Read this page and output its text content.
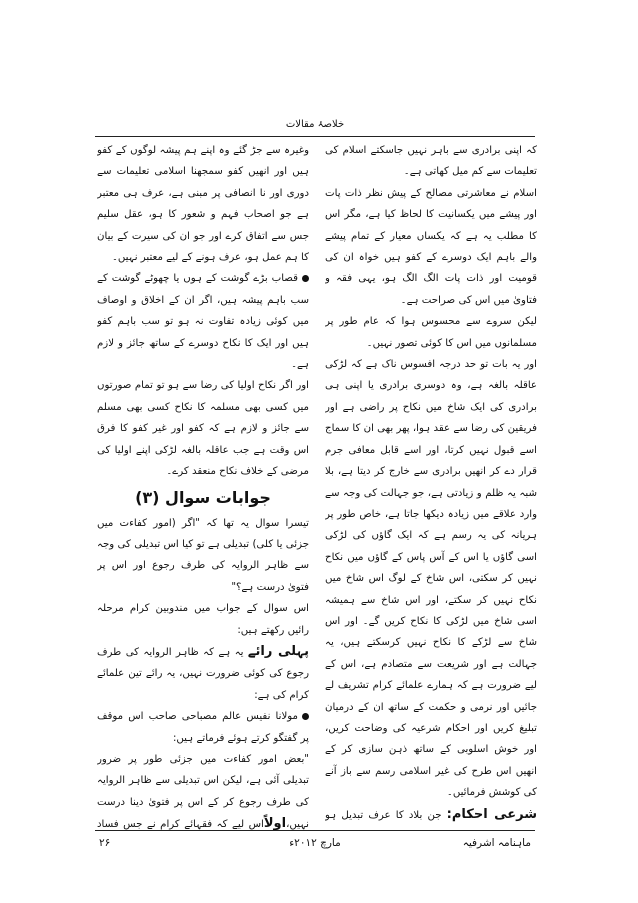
خلاصۂ مقالات

کہ اپنی برادری سے باہر نہیں جاسکتے اسلام کی تعلیمات سے کم میل کھاتی ہے۔

اسلام نے معاشرتی مصالح کے پیش نظر ذات پات اور پیشے میں یکسانیت کا لحاظ کیا ہے، مگر اس کا مطلب یہ ہے کہ یکساں معیار کے تمام پیشے والے باہم ایک دوسرے کے کفو ہیں خواہ ان کی قومیت اور ذات پات الگ الگ ہو، یہی فقہ و فتاویٰ میں اس کی صراحت ہے۔

لیکن سروے سے محسوس ہوا کہ عام طور پر مسلمانوں میں اس کا کوئی تصور نہیں۔

اور یہ بات تو حد درجہ افسوس ناک ہے کہ لڑکی عاقلہ بالغہ ہے، وہ دوسری برادری یا اپنی ہی برادری کی ایک شاخ میں نکاح پر راضی ہے اور فریقین کی رضا سے عقد ہوا، پھر بھی ان کا سماج اسے قبول نہیں کرتا، اور اسے قابل معافی جرم قرار دے کر انھیں برادری سے خارج کر دیتا ہے، بلا شبہ یہ ظلم و زیادتی ہے، جو جہالت کی وجہ سے وارد علاقے میں زیادہ دیکھا جاتا ہے، خاص طور پر ہریانہ کی یہ رسم ہے کہ ایک گاؤں کی لڑکی اسی گاؤں یا اس کے آس پاس کے گاؤں میں نکاح نہیں کر سکتی، اس شاخ کے لوگ اس شاخ میں نکاح نہیں کر سکتے، اور اس شاخ سے ہمیشہ اسی شاخ میں لڑکی کا نکاح کریں گے۔ اور اس شاخ سے لڑکے کا نکاح نہیں کرسکتے ہیں، یہ جہالت ہے اور شریعت سے متصادم ہے، اس کے لیے ضرورت ہے کہ ہمارے علمائے کرام تشریف لے جائیں اور نرمی و حکمت کے ساتھ ان کے درمیان تبلیغ کریں اور احکام شرعیہ کی وضاحت کریں، اور خوش اسلوبی کے ساتھ ذہن سازی کر کے انھیں اس طرح کی غیر اسلامی رسم سے باز آنے کی کوشش فرمائیں۔

شرعی احکام: جن بلاد کا عرف تبدیل ہو

وغیرہ سے جڑ گئے وہ اپنے ہم پیشہ لوگوں کے کفو ہیں اور انھیں کفو سمجھنا اسلامی تعلیمات سے دوری اور نا انصافی پر مبنی ہے، عرف ہی معتبر ہے جو اصحاب فہم و شعور کا ہو، عقل سلیم جس سے اتفاق کرے اور جو ان کی سیرت کے بیان کا ہم عمل ہو، عرف ہونے کے لیے معتبر نہیں۔

قصاب بڑے گوشت کے ہوں یا چھوٹے گوشت کے سب باہم پیشہ ہیں، اگر ان کے اخلاق و اوصاف میں کوئی زیادہ تفاوت نہ ہو تو سب باہم کفو ہیں اور ایک کا نکاح دوسرے کے ساتھ جائز و لازم ہے۔

اور اگر نکاح اولیا کی رضا سے ہو تو تمام صورتوں میں کسی بھی مسلمہ کا نکاح کسی بھی مسلم سے جائز و لازم ہے کہ کفو اور غیر کفو کا فرق اس وقت ہے جب عاقلہ بالغہ لڑکی اپنے اولیا کی مرضی کے خلاف نکاح منعقد کرے۔

جوابات سوال (۳)

تیسرا سوال یہ تھا کہ "اگر (امور کفاءت میں جزئی یا کلی) تبدیلی ہے تو کیا اس تبدیلی کی وجہ سے ظاہر الروایہ کی طرف رجوع اور اس پر فتویٰ درست ہے؟"

اس سوال کے جواب میں مندوبین کرام مرحلہ رائیں رکھتے ہیں:

پہلی رائے یہ ہے کہ ظاہر الروایہ کی طرف رجوع کی کوئی ضرورت نہیں، یہ رائے تین علمائے کرام کی ہے:

مولانا نفیس عالم مصباحی صاحب اس موقف پر گفتگو کرتے ہوئے فرماتے ہیں:

"بعض امور کفاءت میں جزئی طور پر ضرور تبدیلی آئی ہے، لیکن اس تبدیلی سے ظاہر الروایہ کی طرف رجوع کر کے اس پر فتویٰ دینا درست نہیں،اولاًاس لیے کہ فقہائے کرام نے جس فساد

۲۶	مارچ ۲۰۱۲ء	ماہنامہ اشرفیہ
